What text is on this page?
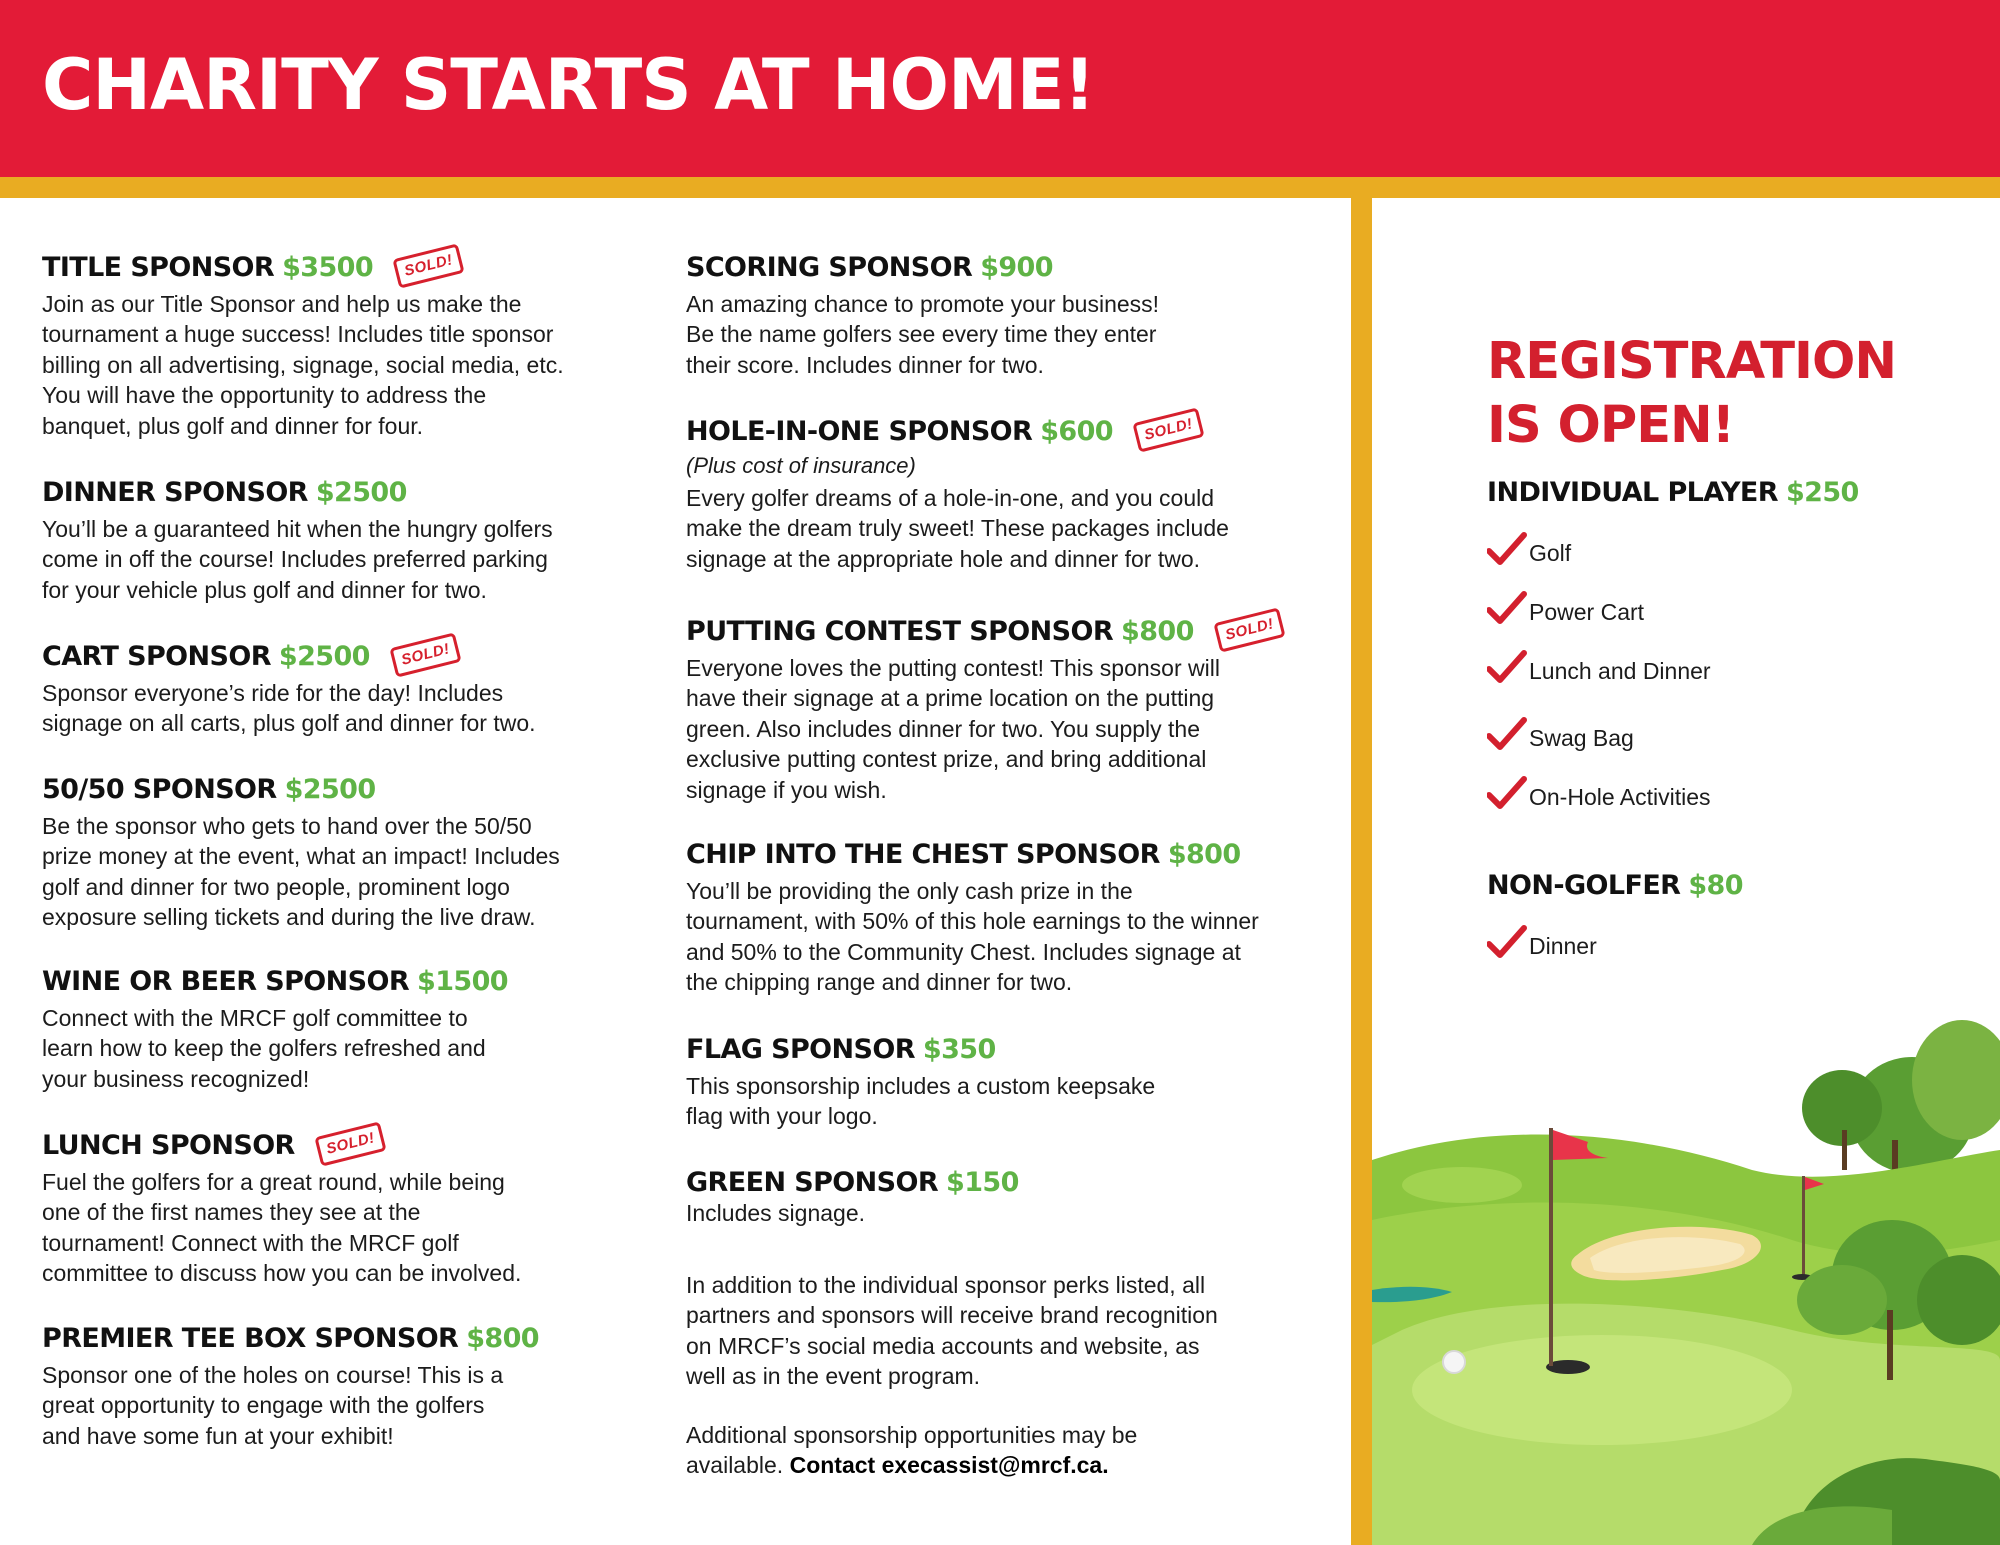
CHARITY STARTS AT HOME!
TITLE SPONSOR $3500 SOLD!
Join as our Title Sponsor and help us make the
tournament a huge success! Includes title sponsor
billing on all advertising, signage, social media, etc.
You will have the opportunity to address the
banquet, plus golf and dinner for four.
DINNER SPONSOR $2500
You’ll be a guaranteed hit when the hungry golfers
come in off the course! Includes preferred parking
for your vehicle plus golf and dinner for two.
CART SPONSOR $2500 SOLD!
Sponsor everyone’s ride for the day! Includes
signage on all carts, plus golf and dinner for two.
50/50 SPONSOR $2500
Be the sponsor who gets to hand over the 50/50
prize money at the event, what an impact! Includes
golf and dinner for two people, prominent logo
exposure selling tickets and during the live draw.
WINE OR BEER SPONSOR $1500
Connect with the MRCF golf committee to
learn how to keep the golfers refreshed and
your business recognized!
LUNCH SPONSOR SOLD!
Fuel the golfers for a great round, while being
one of the first names they see at the
tournament! Connect with the MRCF golf
committee to discuss how you can be involved.
PREMIER TEE BOX SPONSOR $800
Sponsor one of the holes on course! This is a
great opportunity to engage with the golfers
and have some fun at your exhibit!
SCORING SPONSOR $900
An amazing chance to promote your business!
Be the name golfers see every time they enter
their score. Includes dinner for two.
HOLE-IN-ONE SPONSOR $600 SOLD!
(Plus cost of insurance)
Every golfer dreams of a hole-in-one, and you could
make the dream truly sweet! These packages include
signage at the appropriate hole and dinner for two.
PUTTING CONTEST SPONSOR $800 SOLD!
Everyone loves the putting contest! This sponsor will
have their signage at a prime location on the putting
green. Also includes dinner for two. You supply the
exclusive putting contest prize, and bring additional
signage if you wish.
CHIP INTO THE CHEST SPONSOR $800
You’ll be providing the only cash prize in the
tournament, with 50% of this hole earnings to the winner
and 50% to the Community Chest. Includes signage at
the chipping range and dinner for two.
FLAG SPONSOR $350
This sponsorship includes a custom keepsake
flag with your logo.
GREEN SPONSOR $150
Includes signage.
In addition to the individual sponsor perks listed, all
partners and sponsors will receive brand recognition
on MRCF’s social media accounts and website, as
well as in the event program.
Additional sponsorship opportunities may be
available. Contact execassist@mrcf.ca.
REGISTRATION
IS OPEN!
INDIVIDUAL PLAYER $250
Golf
Power Cart
Lunch and Dinner
Swag Bag
On-Hole Activities
NON-GOLFER $80
Dinner
